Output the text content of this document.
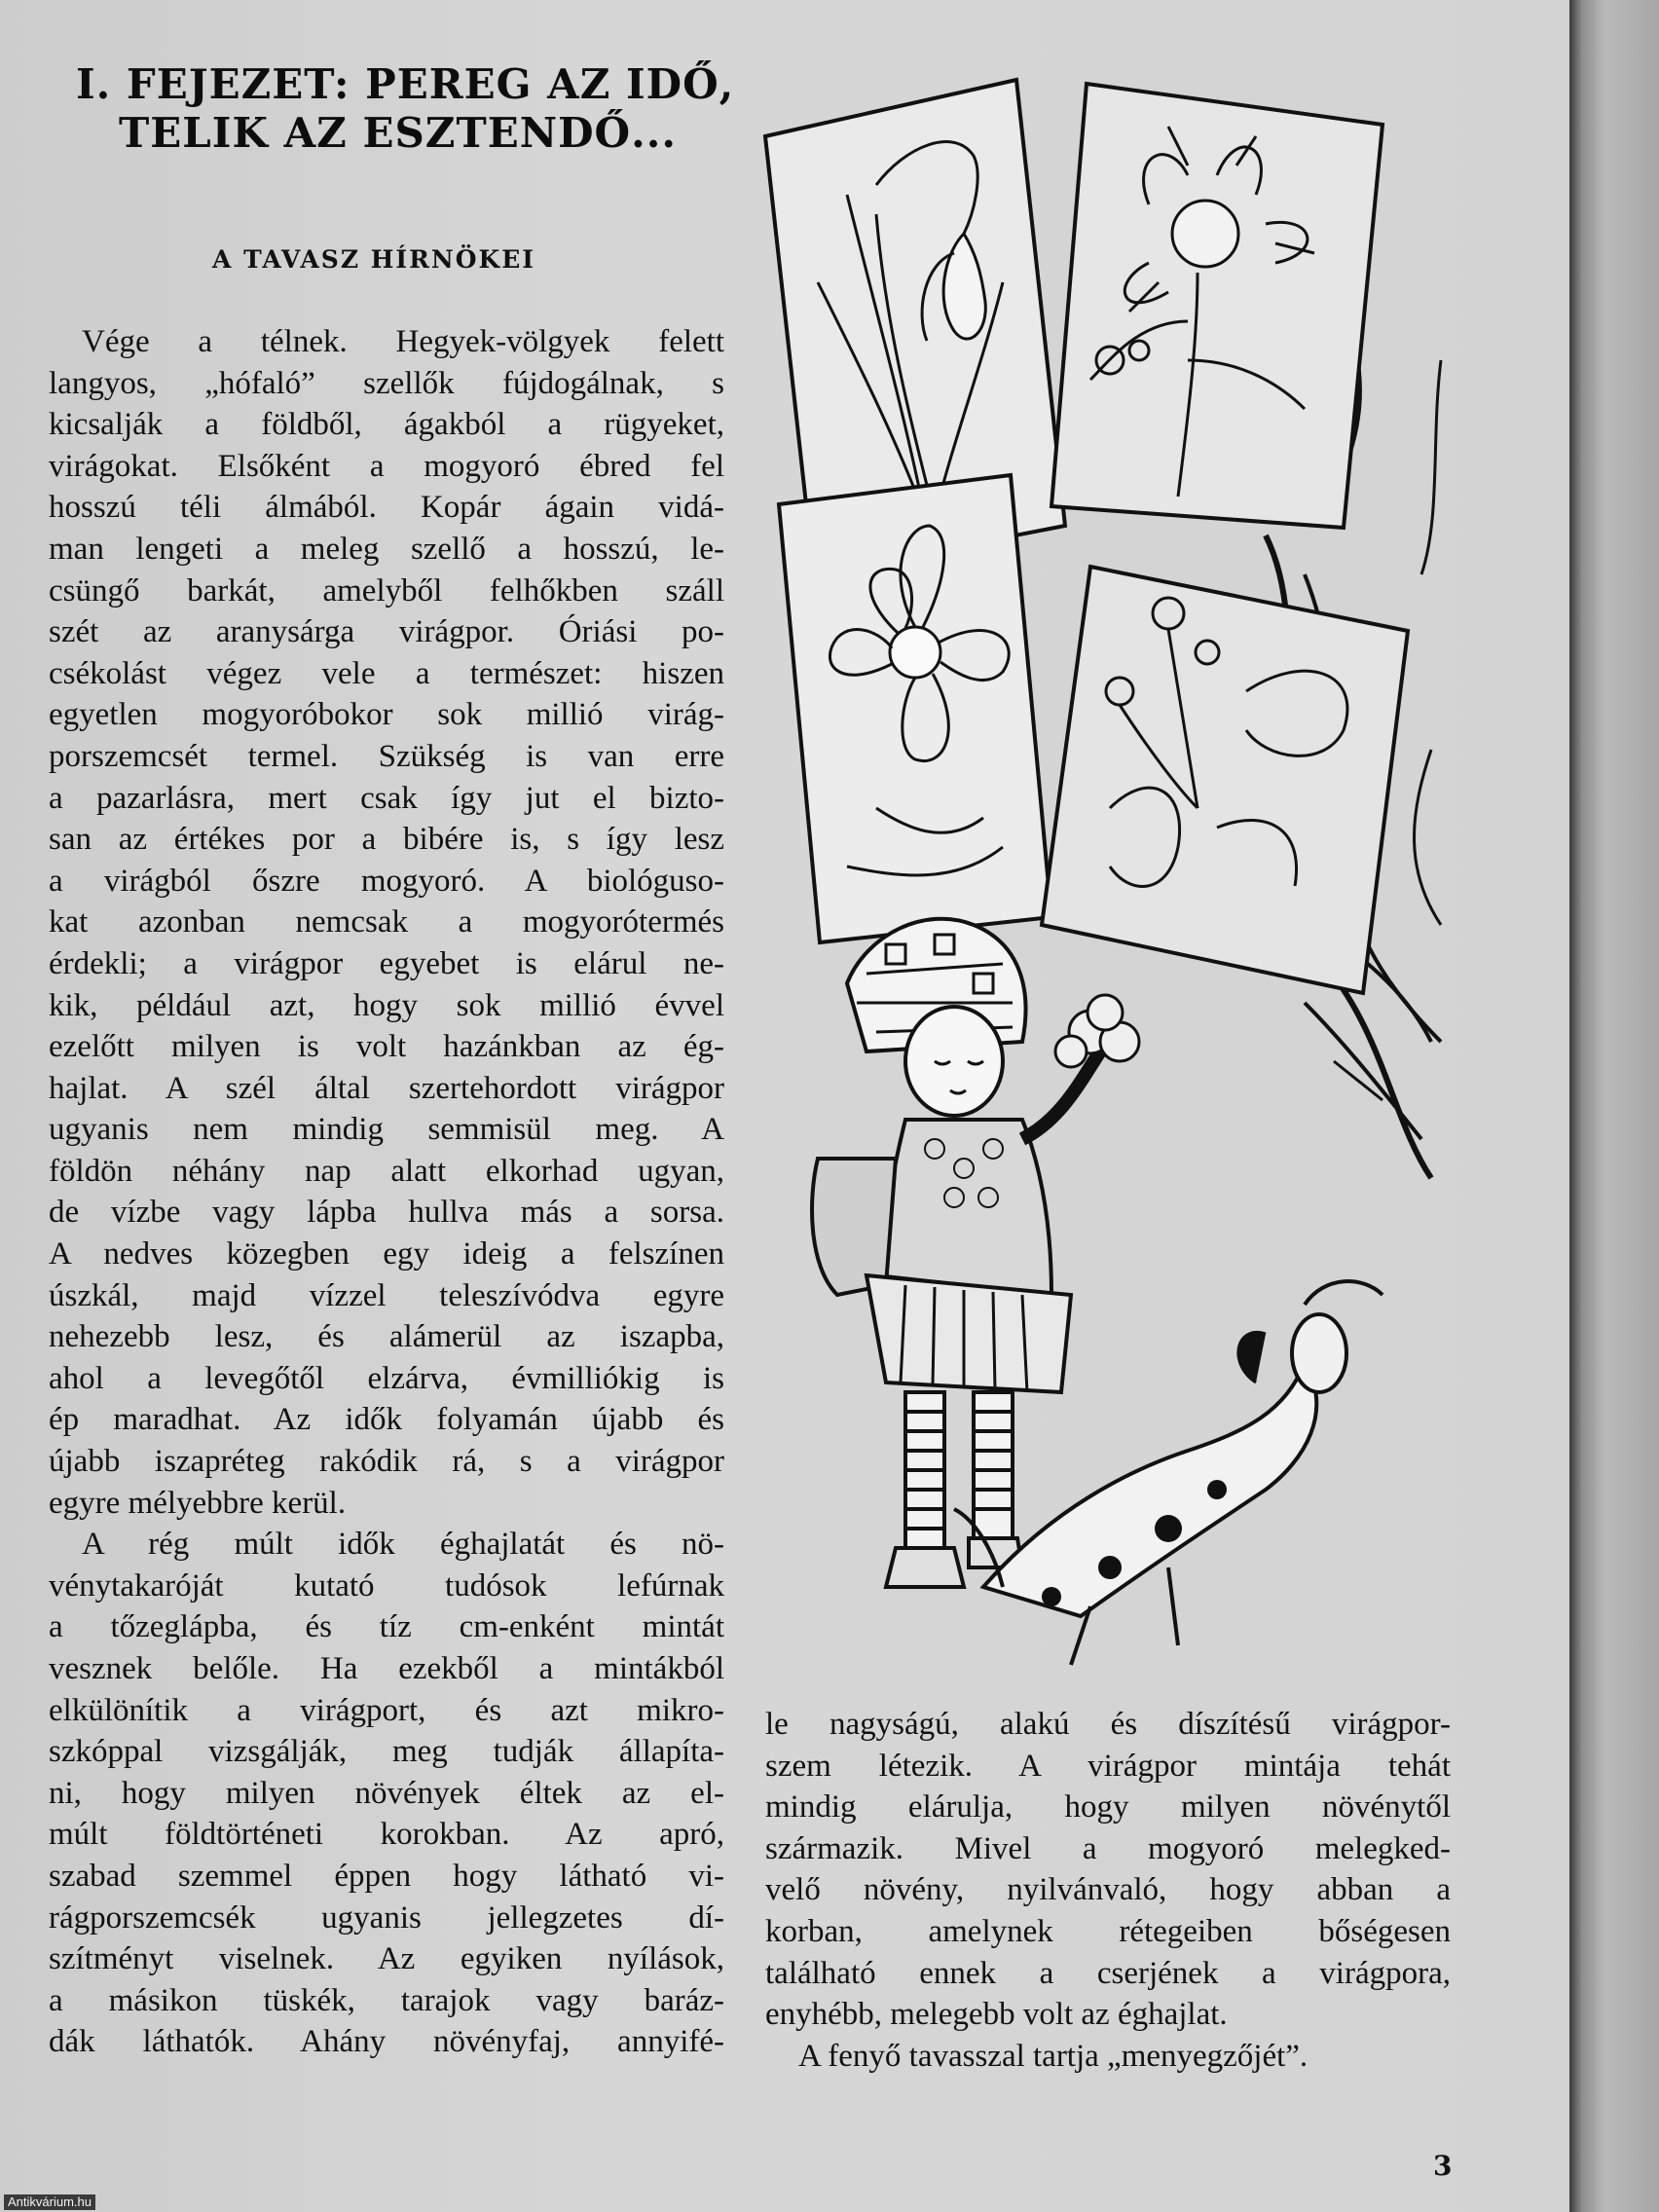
I. FEJEZET: PEREG AZ IDŐ,
TELIK AZ ESZTENDŐ...
A TAVASZ HÍRNÖKEI
Vége a télnek. Hegyek-völgyek felett
langyos, „hófaló” szellők fújdogálnak, s
kicsalják a földből, ágakból a rügyeket,
virágokat. Elsőként a mogyoró ébred fel
hosszú téli álmából. Kopár ágain vidá-
man lengeti a meleg szellő a hosszú, le-
csüngő barkát, amelyből felhőkben száll
szét az aranysárga virágpor. Óriási po-
csékolást végez vele a természet: hiszen
egyetlen mogyoróbokor sok millió virág-
porszemcsét termel. Szükség is van erre
a pazarlásra, mert csak így jut el bizto-
san az értékes por a bibére is, s így lesz
a virágból őszre mogyoró. A biológuso-
kat azonban nemcsak a mogyorótermés
érdekli; a virágpor egyebet is elárul ne-
kik, például azt, hogy sok millió évvel
ezelőtt milyen is volt hazánkban az ég-
hajlat. A szél által szertehordott virágpor
ugyanis nem mindig semmisül meg. A
földön néhány nap alatt elkorhad ugyan,
de vízbe vagy lápba hullva más a sorsa.
A nedves közegben egy ideig a felszínen
úszkál, majd vízzel teleszívódva egyre
nehezebb lesz, és alámerül az iszapba,
ahol a levegőtől elzárva, évmilliókig is
ép maradhat. Az idők folyamán újabb és
újabb iszapréteg rakódik rá, s a virágpor
egyre mélyebbre kerül.
A rég múlt idők éghajlatát és nö-
vénytakaróját kutató tudósok lefúrnak
a tőzeglápba, és tíz cm-enként mintát
vesznek belőle. Ha ezekből a mintákból
elkülönítik a virágport, és azt mikro-
szkóppal vizsgálják, meg tudják állapíta-
ni, hogy milyen növények éltek az el-
múlt földtörténeti korokban. Az apró,
szabad szemmel éppen hogy látható vi-
rágporszemcsék ugyanis jellegzetes dí-
szítményt viselnek. Az egyiken nyílások,
a másikon tüskék, tarajok vagy baráz-
dák láthatók. Ahány növényfaj, annyifé-
le nagyságú, alakú és díszítésű virágpor-
szem létezik. A virágpor mintája tehát
mindig elárulja, hogy milyen növénytől
származik. Mivel a mogyoró melegked-
velő növény, nyilvánvaló, hogy abban a
korban, amelynek rétegeiben bőségesen
található ennek a cserjének a virágpora,
enyhébb, melegebb volt az éghajlat.
A fenyő tavasszal tartja „menyegzőjét”.
3
Antikvárium.hu
